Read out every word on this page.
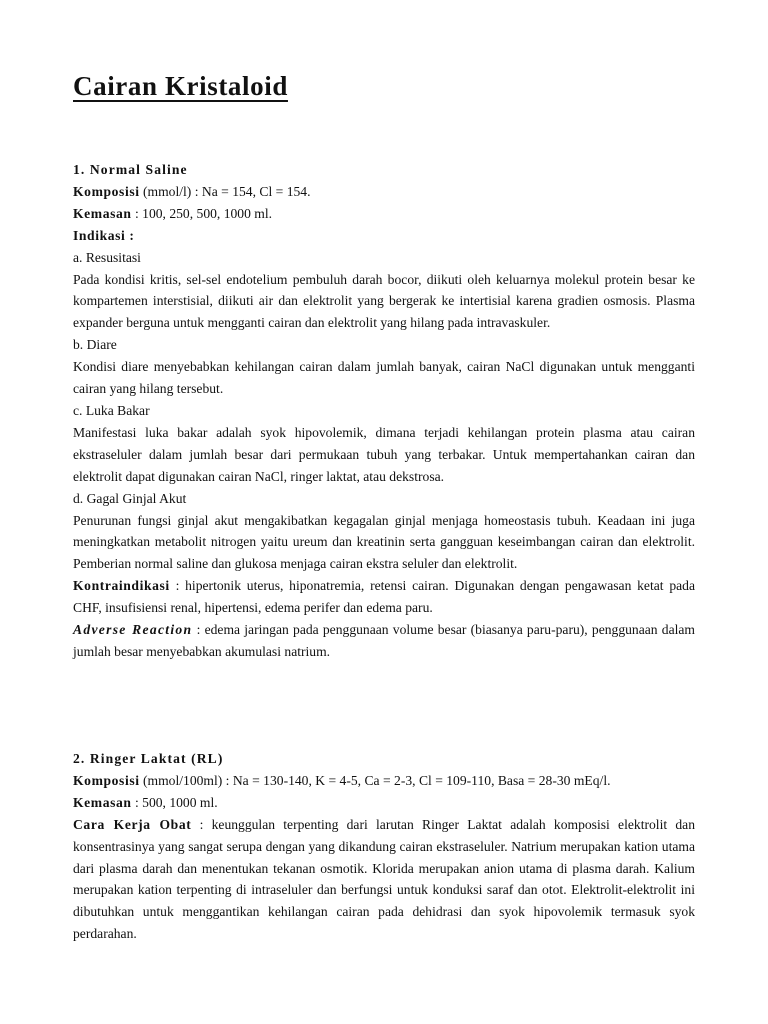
Cairan Kristaloid

1. Normal Saline

Komposisi (mmol/l) : Na = 154, Cl = 154.

Kemasan : 100, 250, 500, 1000 ml.

Indikasi :

a. Resusitasi

Pada kondisi kritis, sel-sel endotelium pembuluh darah bocor, diikuti oleh keluarnya molekul protein besar ke kompartemen interstisial, diikuti air dan elektrolit yang bergerak ke intertisial karena gradien osmosis. Plasma expander berguna untuk mengganti cairan dan elektrolit yang hilang pada intravaskuler.

b. Diare

Kondisi diare menyebabkan kehilangan cairan dalam jumlah banyak, cairan NaCl digunakan untuk mengganti cairan yang hilang tersebut.

c. Luka Bakar

Manifestasi luka bakar adalah syok hipovolemik, dimana terjadi kehilangan protein plasma atau cairan ekstraseluler dalam jumlah besar dari permukaan tubuh yang terbakar. Untuk mempertahankan cairan dan elektrolit dapat digunakan cairan NaCl, ringer laktat, atau dekstrosa.

d. Gagal Ginjal Akut

Penurunan fungsi ginjal akut mengakibatkan kegagalan ginjal menjaga homeostasis tubuh. Keadaan ini juga meningkatkan metabolit nitrogen yaitu ureum dan kreatinin serta gangguan keseimbangan cairan dan elektrolit. Pemberian normal saline dan glukosa menjaga cairan ekstra seluler dan elektrolit.

Kontraindikasi : hipertonik uterus, hiponatremia, retensi cairan. Digunakan dengan pengawasan ketat pada CHF, insufisiensi renal, hipertensi, edema perifer dan edema paru.

Adverse Reaction : edema jaringan pada penggunaan volume besar (biasanya paru-paru), penggunaan dalam jumlah besar menyebabkan akumulasi natrium.

2. Ringer Laktat (RL)

Komposisi (mmol/100ml) : Na = 130-140, K = 4-5, Ca = 2-3, Cl = 109-110, Basa = 28-30 mEq/l.

Kemasan : 500, 1000 ml.

Cara Kerja Obat : keunggulan terpenting dari larutan Ringer Laktat adalah komposisi elektrolit dan konsentrasinya yang sangat serupa dengan yang dikandung cairan ekstraseluler. Natrium merupakan kation utama dari plasma darah dan menentukan tekanan osmotik. Klorida merupakan anion utama di plasma darah. Kalium merupakan kation terpenting di intraseluler dan berfungsi untuk konduksi saraf dan otot. Elektrolit-elektrolit ini dibutuhkan untuk menggantikan kehilangan cairan pada dehidrasi dan syok hipovolemik termasuk syok perdarahan.
